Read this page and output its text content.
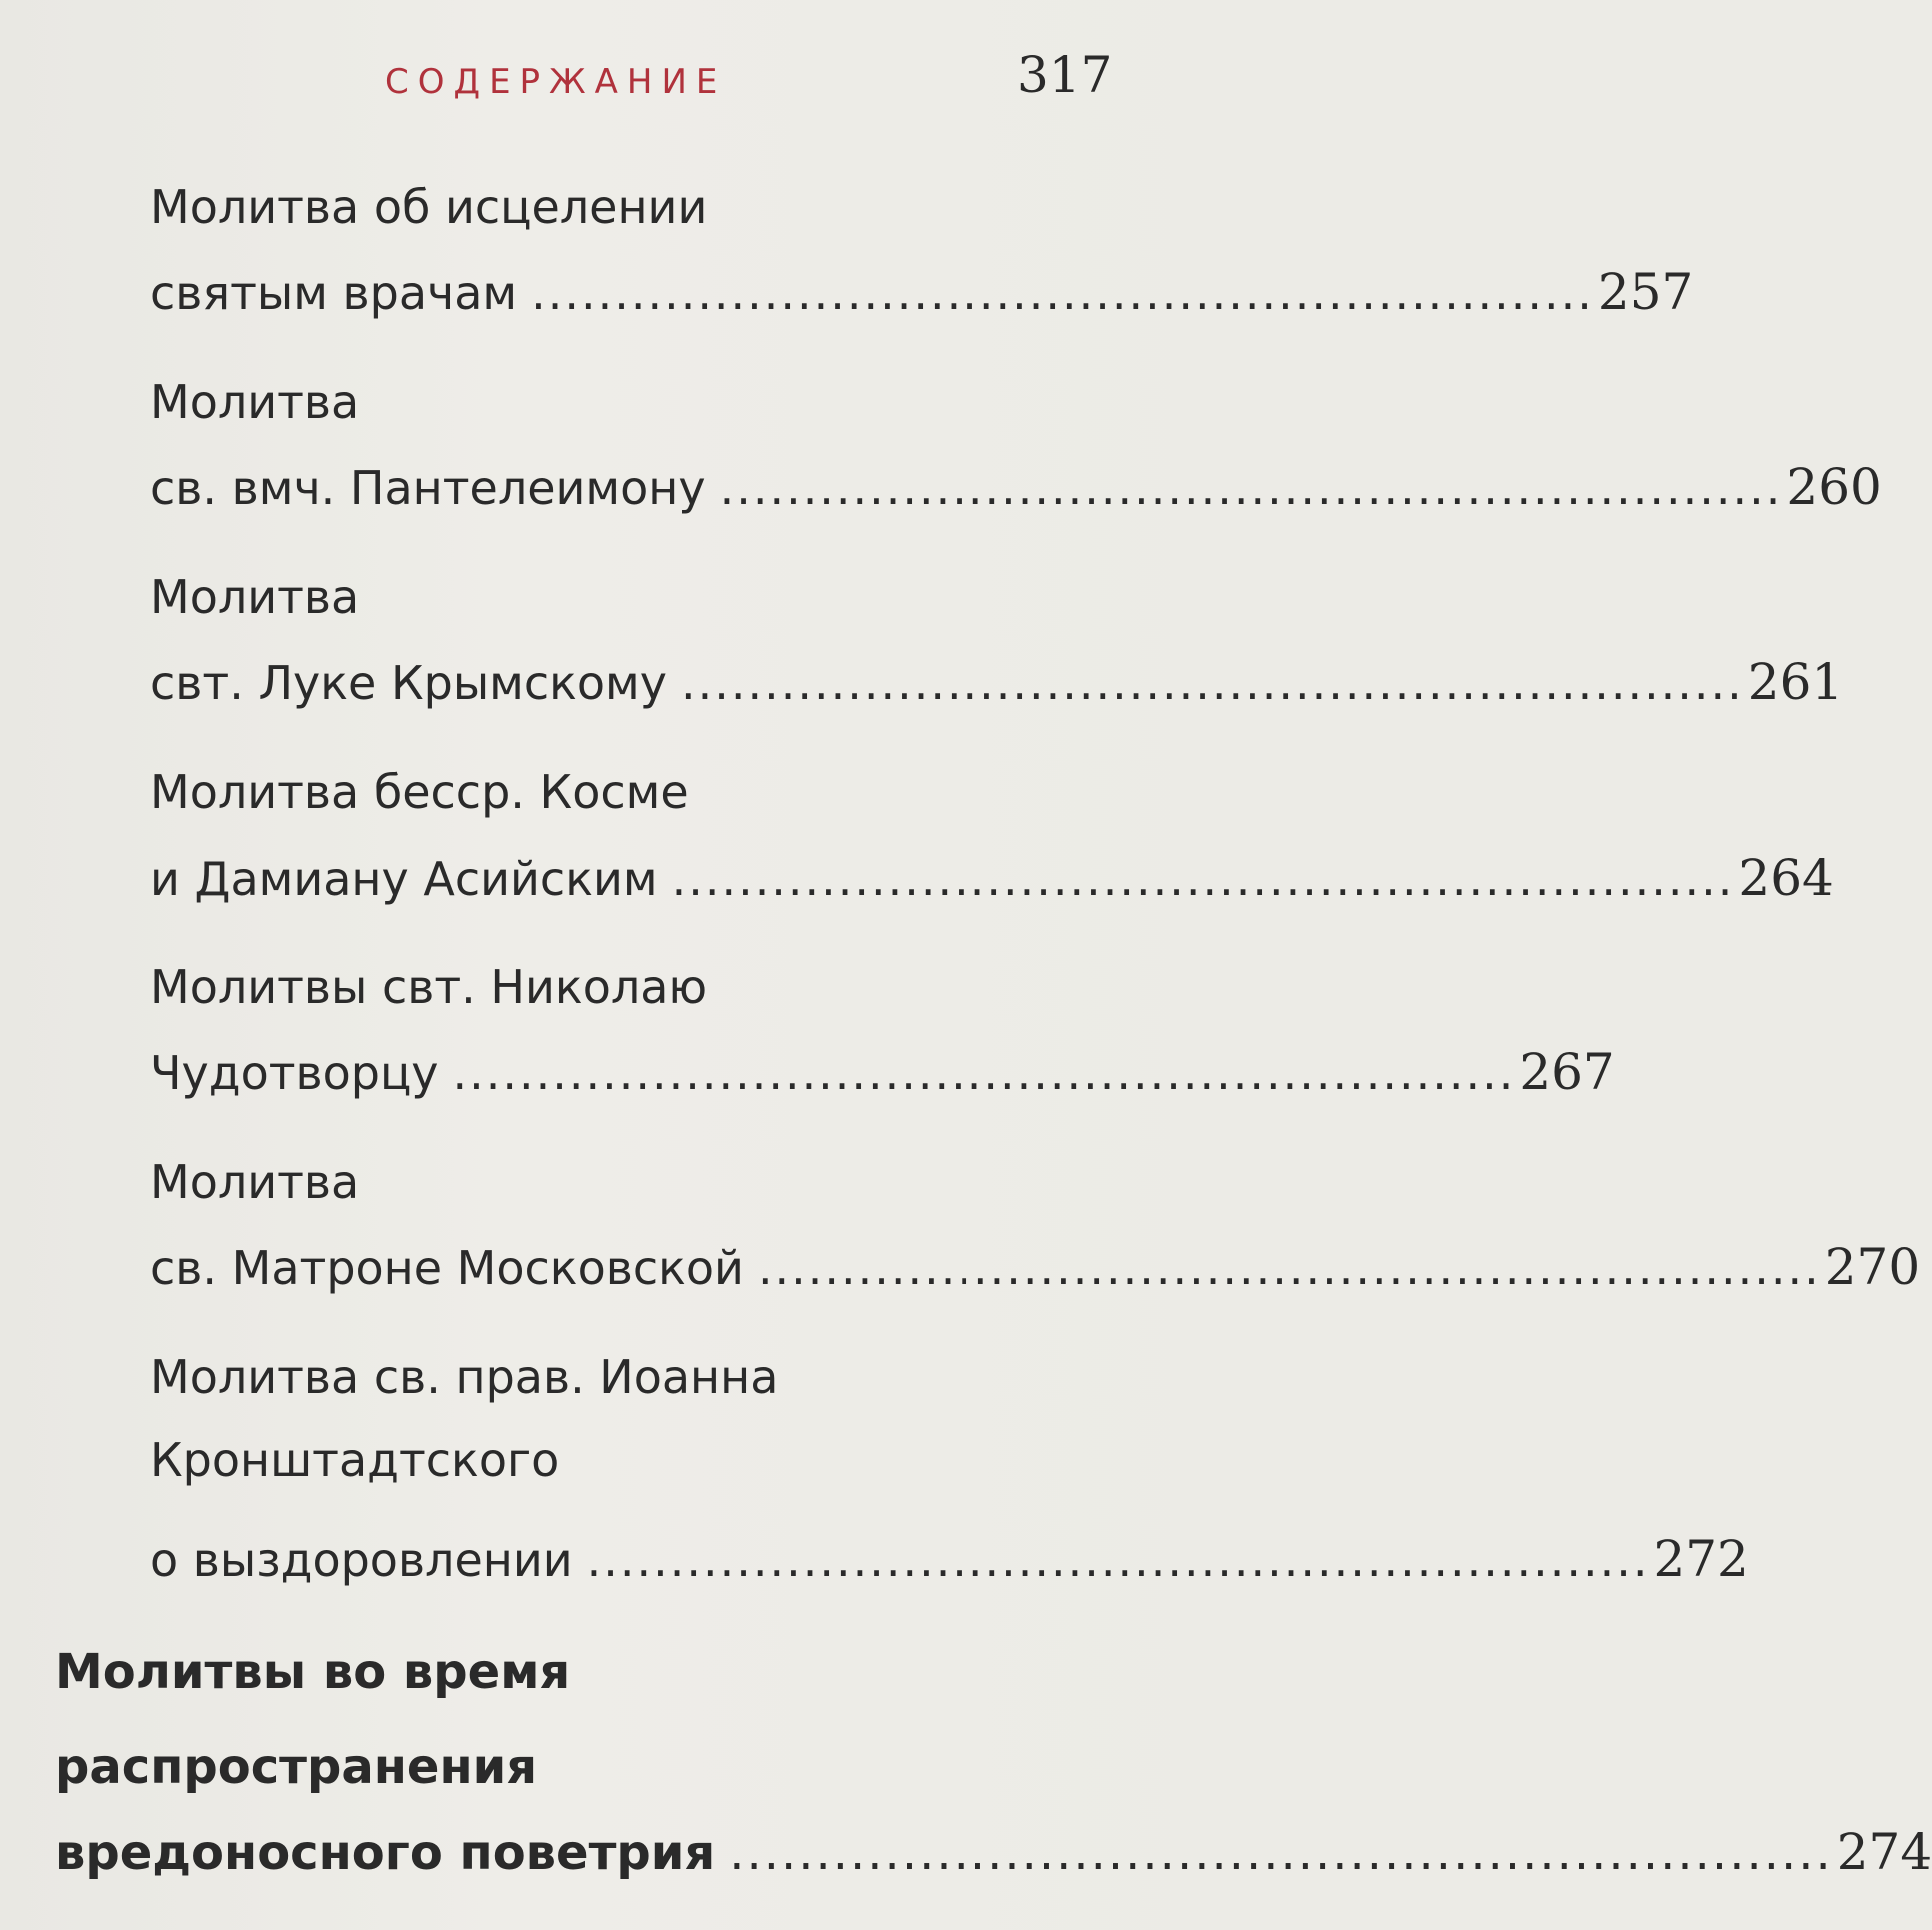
СОДЕРЖАНИЕ	317
Молитва об исцелении
святым врачам ................................................................ 257
Молитва
св. вмч. Пантелеимону ................................................................ 260
Молитва
свт. Луке Крымскому ................................................................ 261
Молитва бесср. Косме
и Дамиану Асийским ................................................................ 264
Молитвы свт. Николаю
Чудотворцу ................................................................ 267
Молитва
св. Матроне Московской ................................................................ 270
Молитва св. прав. Иоанна
Кронштадтского
о выздоровлении ................................................................ 272
Молитвы во время
распространения
вредоносного поветрия ................................................................ 274
